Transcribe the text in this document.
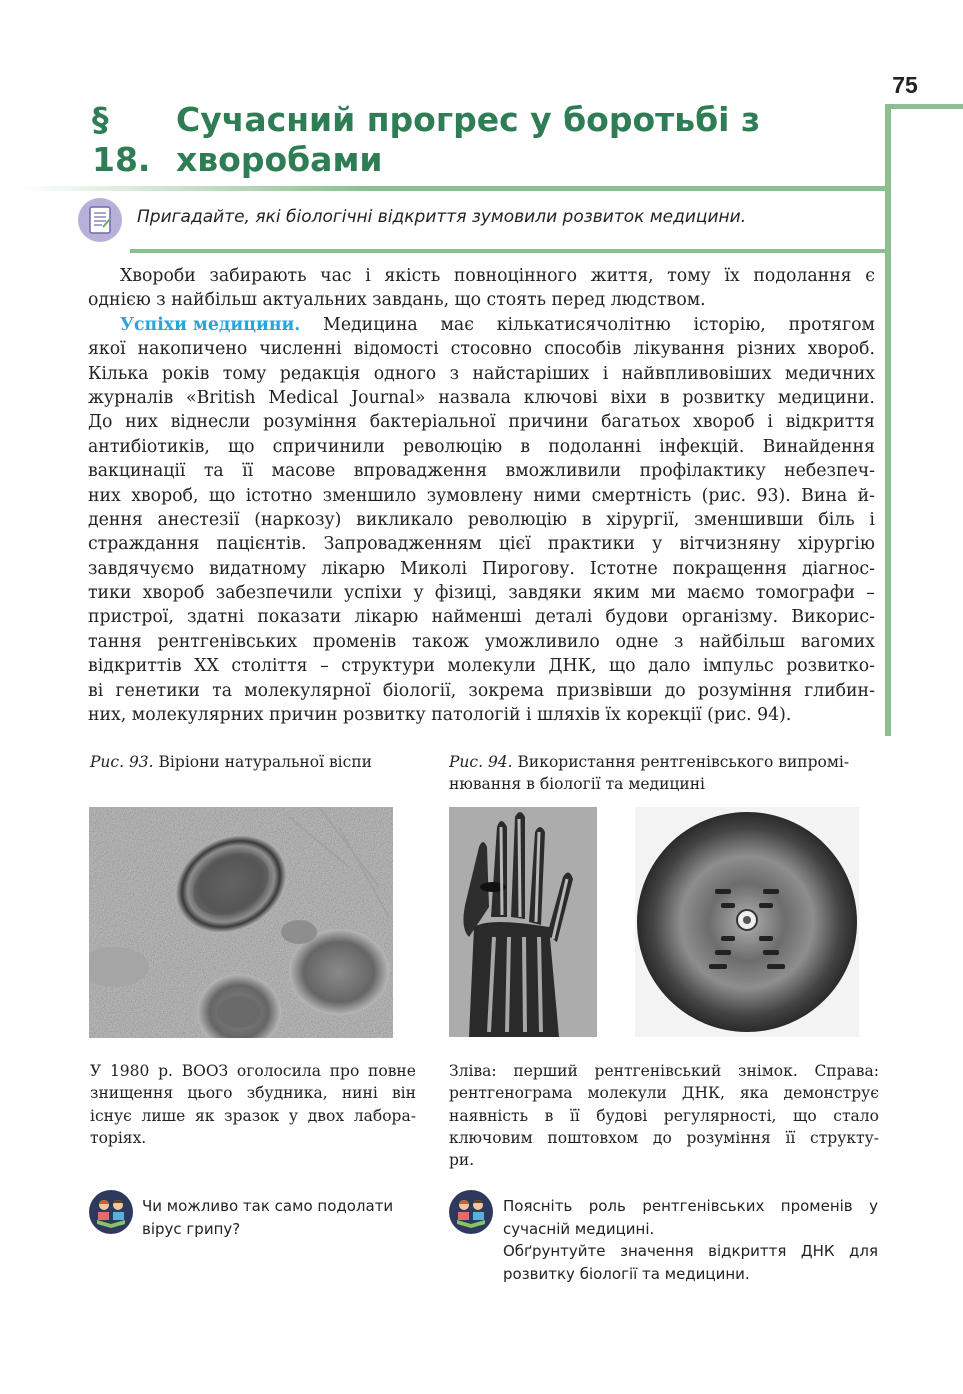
75
§ 18.
Сучасний прогрес у боротьбі з
хворобами
Пригадайте, які біологічні відкриття зумовили розвиток медицини.
Хвороби забирають час і якість повноцінного життя, тому їх подолання є
однією з найбільш актуальних завдань, що стоять перед людством.
Успіхи медицини. Медицина має кількатисячолітню історію, протягом
якої накопичено численні відомості стосовно способів лікування різних хвороб.
Кілька років тому редакція одного з найстаріших і найвпливовіших медичних
журналів «British Medical Journal» назвала ключові віхи в розвитку медицини.
До них віднесли розуміння бактеріальної причини багатьох хвороб і відкриття
антибіотиків, що спричинили революцію в подоланні інфекцій. Винайдення
вакцинації та її масове впровадження вможливили профілактику небезпеч-
них хвороб, що істотно зменшило зумовлену ними смертність (рис. 93). Вина й-
дення анестезії (наркозу) викликало революцію в хірургії, зменшивши біль і
страждання пацієнтів. Запровадженням цієї практики у вітчизняну хірургію
завдячуємо видатному лікарю Миколі Пирогову. Істотне покращення діагнос-
тики хвороб забезпечили успіхи у фізиці, завдяки яким ми маємо томографи –
пристрої, здатні показати лікарю найменші деталі будови організму. Викорис-
тання рентгенівських променів також уможливило одне з найбільш вагомих
відкриттів ХХ століття – структури молекули ДНК, що дало імпульс розвитко-
ві генетики та молекулярної біології, зокрема призвівши до розуміння глибин-
них, молекулярних причин розвитку патологій і шляхів їх корекції (рис. 94).
Рис. 93. Віріони натуральної віспи	Рис. 94. Використання рентгенівського випромі-
нювання в біології та медицині
У 1980 р. ВООЗ оголосила про повне
знищення цього збудника, нині він
існує лише як зразок у двох лабора-
торіях.
Зліва: перший рентгенівський знімок. Справа:
рентгенограма молекули ДНК, яка демонструє
наявність в її будові регулярності, що стало
ключовим поштовхом до розуміння її структу-
ри.
Чи можливо так само подолати
вірус грипу?
Поясніть роль рентгенівських променів у
сучасній медицині.
Обґрунтуйте значення відкриття ДНК для
розвитку біології та медицини.
